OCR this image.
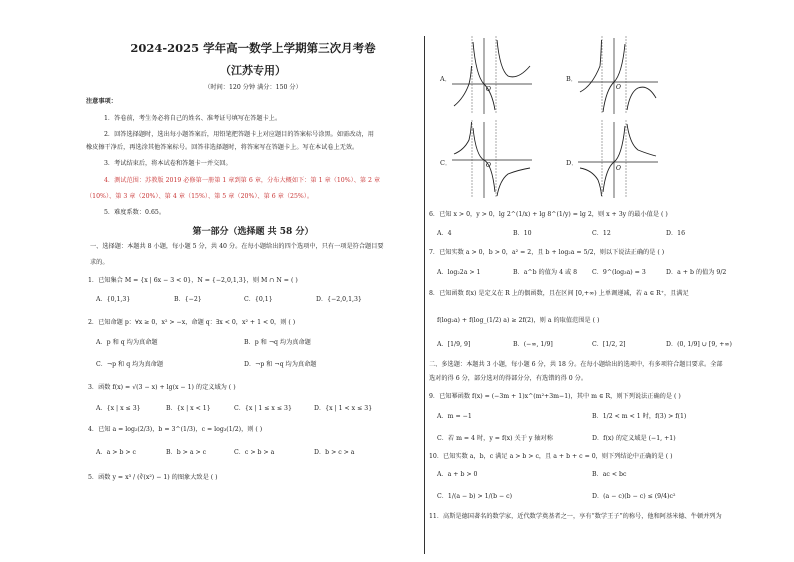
2024-2025 学年高一数学上学期第三次月考卷
（江苏专用）
（时间：120 分钟 满分：150 分）
注意事项：
1．答卷前，考生务必将自己的姓名、准考证号填写在答题卡上。
2．回答选择题时，选出每小题答案后，用铅笔把答题卡上对应题目的答案标号涂黑。如需改动，用
橡皮擦干净后，再选涂其他答案标号。回答非选择题时，将答案写在答题卡上。写在本试卷上无效。
3．考试结束后，将本试卷和答题卡一并交回。
4．测试范围：苏教版 2019 必修第一册第 1 章到第 6 章，分布大概如下：第 1 章（10%）、第 2 章
（10%）、第 3 章（20%）、第 4 章（15%）、第 5 章（20%）、第 6 章（25%）。
5．难度系数：0.65。
第一部分（选择题 共 58 分）
一、选择题：本题共 8 小题，每小题 5 分，共 40 分。在每小题给出的四个选项中，只有一项是符合题目要
求的。
1．已知集合 M = {x | 6x − 3 < 0}，N = {−2,0,1,3}，则 M ∩ N = ( )
A．{0,1,3}	B．{−2}	C．{0,1}	D．{−2,0,1,3}
2．已知命题 p：∀x ≥ 0，x² > −x，命题 q：∃x < 0，x² + 1 < 0，则 ( )
A．p 和 q 均为真命题	B．p 和 ¬q 均为真命题
C．¬p 和 q 均为真命题	D．¬p 和 ¬q 均为真命题
3．函数 f(x) = √(3 − x) + lg(x − 1) 的定义域为 ( )
A．{x | x ≤ 3}	B．{x | x < 1}	C．{x | 1 ≤ x ≤ 3}	D．{x | 1 < x ≤ 3}
4．已知 a = log₂(2/3)，b = 3^(1/3)，c = log₃(1/2)，则 ( )
A．a > b > c	B．b > a > c	C．c > b > a	D．b > c > a
5．函数 y = x³ / (∛(x²) − 1) 的图象大致是 ( )
A．
O
B．
O
C．	O	D．
O
6．已知 x > 0，y > 0，lg 2^(1/x) + lg 8^(1/y) = lg 2，则 x + 3y 的最小值是 ( )
A．4	B．10	C．12	D．16
7．已知实数 a > 0，b > 0，a² = 2，且 b + log₂a = 5/2，则以下说法正确的是 ( )
A．log₂2a > 1	B．a^b 的值为 4 或 8 C．9^(log₃a) = 3	D．a + b 的值为 9/2
8．已知函数 f(x) 是定义在 R 上的偶函数，且在区间 [0,+∞) 上单调递减，若 a ∈ R⁺，且满足
f(log₂a) + f(log_(1/2) a) ≥ 2f(2)，则 a 的取值范围是 ( )
A．[1/9, 9]	B．(−∞, 1/9]	C．[1/2, 2]	D．(0, 1/9] ∪ [9, +∞)
二、多选题：本题共 3 小题，每小题 6 分，共 18 分。在每小题给出的选项中，有多项符合题目要求。全部
选对的得 6 分，部分选对的得部分分，有选错的得 0 分。
9．已知幂函数 f(x) = (−3m + 1)x^(m²+3m−1)，其中 m ∈ R，则下列说法正确的是 ( )
A．m = −1	B．1/2 < m < 1 时，f(3) > f(1)
C．若 m = 4 时，y = f(x) 关于 y 轴对称	D．f(x) 的定义域是 (−1, +1)
10．已知实数 a，b，c 满足 a > b > c，且 a + b + c = 0，则下列结论中正确的是 ( )
A．a + b > 0	B．ac < bc
C．1/(a − b) > 1/(b − c)	D．(a − c)(b − c) ≤ (9/4)c²
11．高斯是德国著名的数学家，近代数学奠基者之一，享有“数学王子”的称号，他和阿基米德、牛顿并列为
